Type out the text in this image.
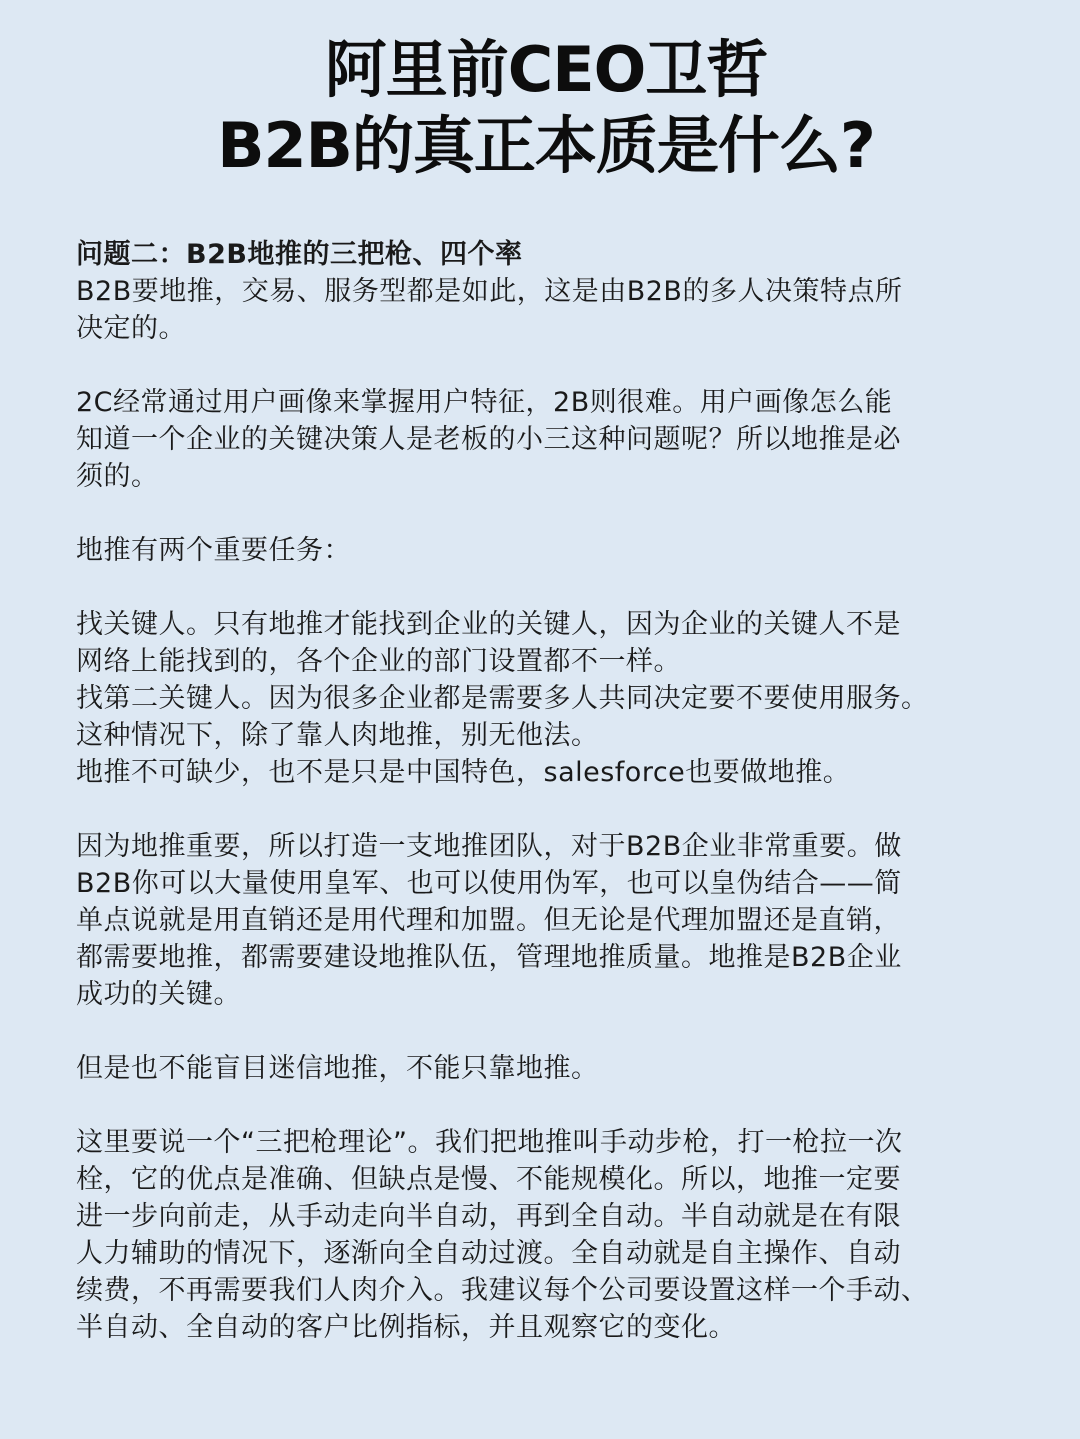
阿里前CEO卫哲
B2B的真正本质是什么?

问题二：B2B地推的三把枪、四个率

B2B要地推，交易、服务型都是如此，这是由B2B的多人决策特点所
决定的。

2C经常通过用户画像来掌握用户特征，2B则很难。用户画像怎么能
知道一个企业的关键决策人是老板的小三这种问题呢？所以地推是必
须的。

地推有两个重要任务：

找关键人。只有地推才能找到企业的关键人，因为企业的关键人不是
网络上能找到的，各个企业的部门设置都不一样。
找第二关键人。因为很多企业都是需要多人共同决定要不要使用服务。
这种情况下，除了靠人肉地推，别无他法。
地推不可缺少，也不是只是中国特色，salesforce也要做地推。

因为地推重要，所以打造一支地推团队，对于B2B企业非常重要。做
B2B你可以大量使用皇军、也可以使用伪军，也可以皇伪结合——简
单点说就是用直销还是用代理和加盟。但无论是代理加盟还是直销，
都需要地推，都需要建设地推队伍，管理地推质量。地推是B2B企业
成功的关键。

但是也不能盲目迷信地推，不能只靠地推。

这里要说一个“三把枪理论”。我们把地推叫手动步枪，打一枪拉一次
栓，它的优点是准确、但缺点是慢、不能规模化。所以，地推一定要
进一步向前走，从手动走向半自动，再到全自动。半自动就是在有限
人力辅助的情况下，逐渐向全自动过渡。全自动就是自主操作、自动
续费，不再需要我们人肉介入。我建议每个公司要设置这样一个手动、
半自动、全自动的客户比例指标，并且观察它的变化。
